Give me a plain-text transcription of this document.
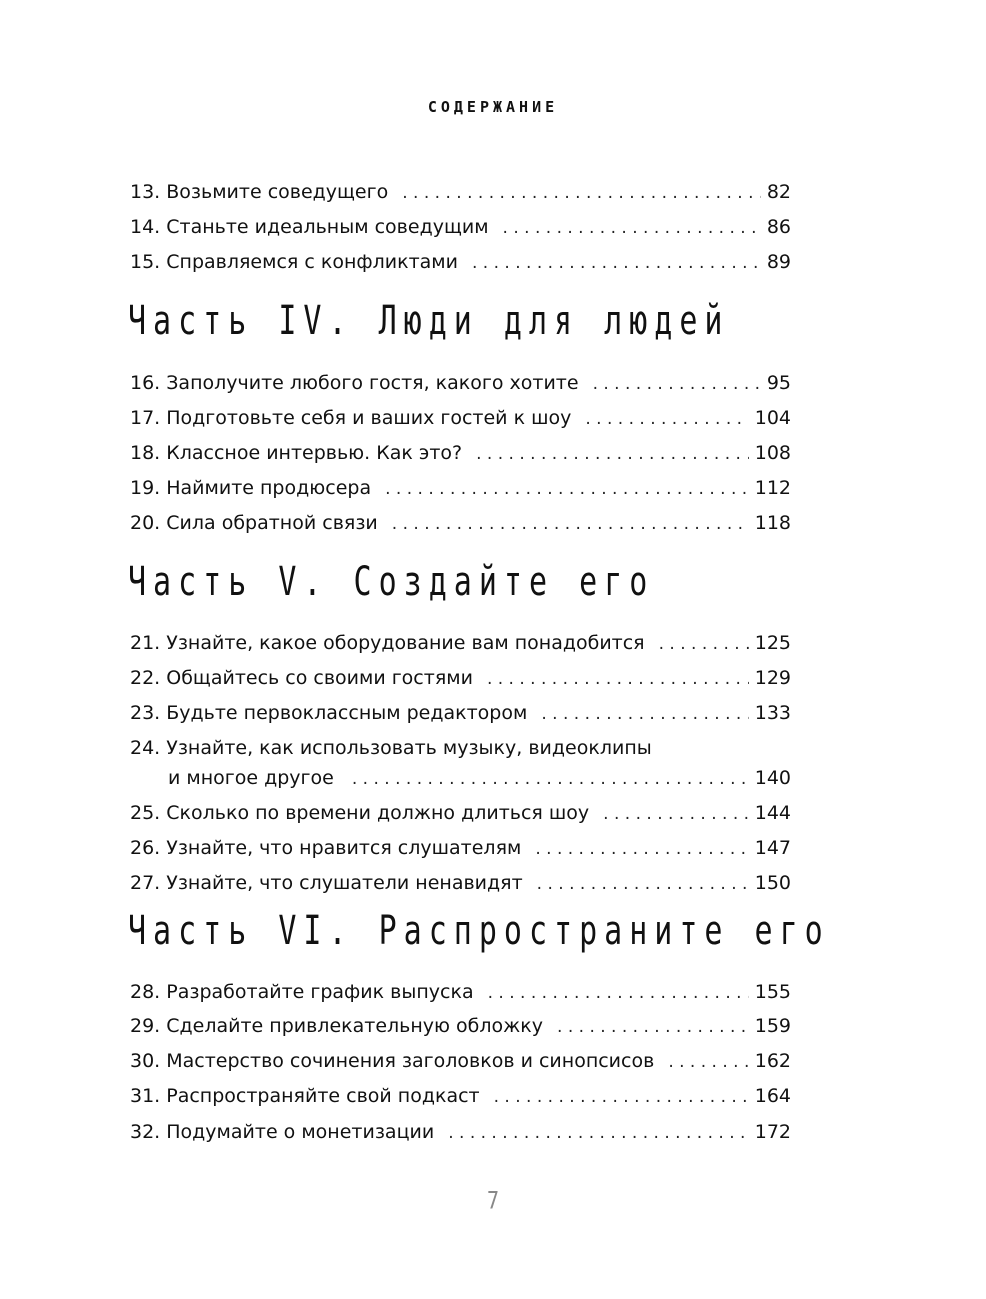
СОДЕРЖАНИЕ
13. Возьмите соведущего . . .	82
14. Станьте идеальным соведущим . . .	86
15. Справляемся с конфликтами . . .	89
Часть IV. Люди для людей
16. Заполучите любого гостя, какого хотите . . .	95
17. Подготовьте себя и ваших гостей к шоу . . .	104
18. Классное интервью. Как это? . . .	108
19. Наймите продюсера . . .	112
20. Сила обратной связи . . .	118
Часть V. Создайте его
21. Узнайте, какое оборудование вам понадобится . . .	125
22. Общайтесь со своими гостями . . .	129
23. Будьте первоклассным редактором . . .	133
24. Узнайте, как использовать музыку, видеоклипы
и многое другое . . .	140
25. Сколько по времени должно длиться шоу . . .	144
26. Узнайте, что нравится слушателям . . .	147
27. Узнайте, что слушатели ненавидят . . .	150
Часть VI. Распространите его
28. Разработайте график выпуска . . .	155
29. Сделайте привлекательную обложку . . .	159
30. Мастерство сочинения заголовков и синопсисов . . .	162
31. Распространяйте свой подкаст . . .	164
32. Подумайте о монетизации . . .	172
7
